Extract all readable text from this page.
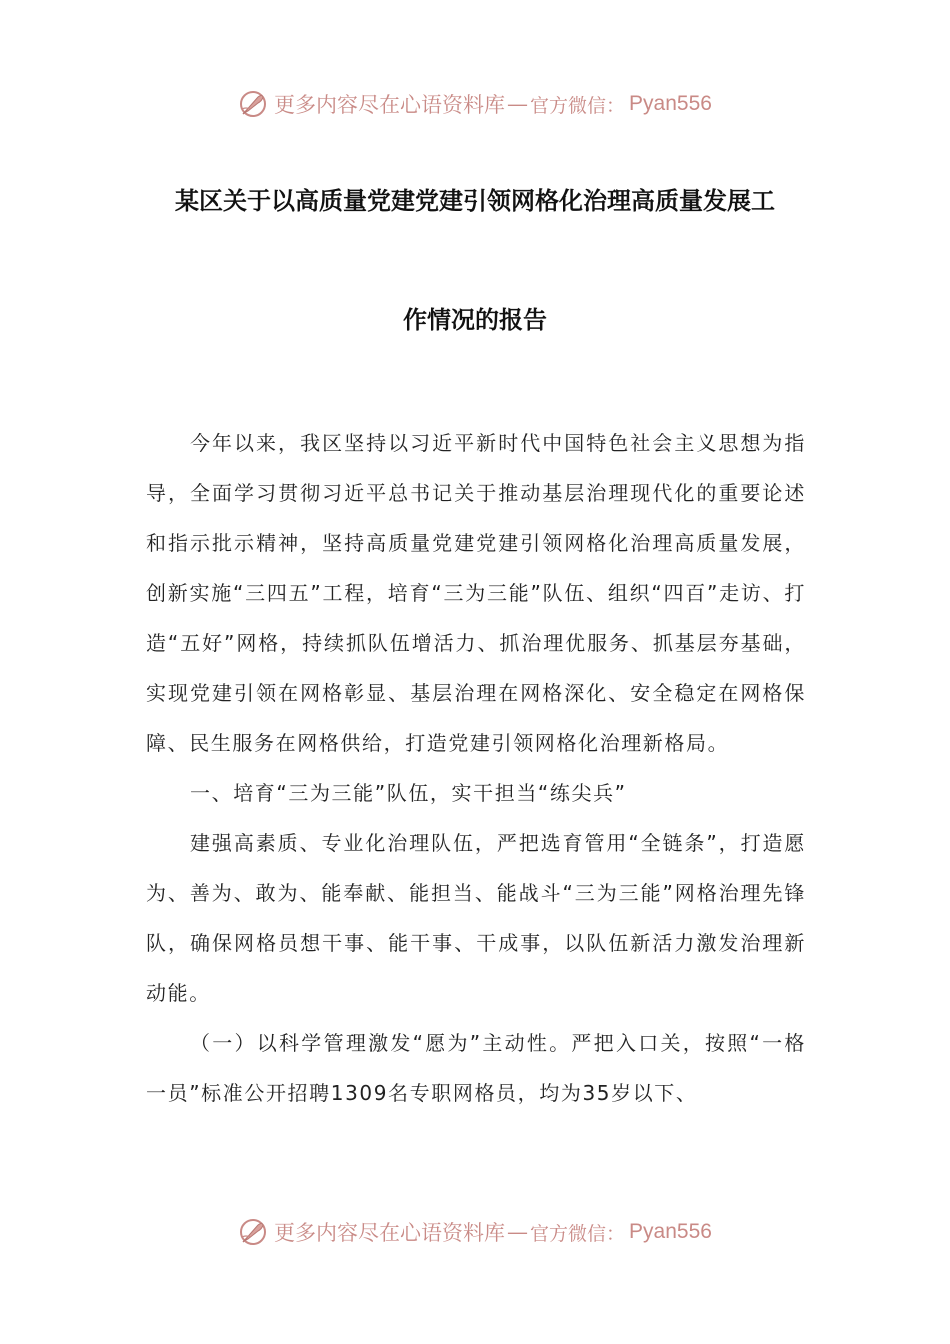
更多内容尽在心语资料库 — 官方微信： Pyan556
某区关于以高质量党建党建引领网格化治理高质量发展工
作情况的报告

今年以来，我区坚持以习近平新时代中国特色社会主义思想为指导，全面学习贯彻习近平总书记关于推动基层治理现代化的重要论述和指示批示精神，坚持高质量党建党建引领网格化治理高质量发展，创新实施“三四五”工程，培育“三为三能”队伍、组织“四百”走访、打造“五好”网格，持续抓队伍增活力、抓治理优服务、抓基层夯基础，实现党建引领在网格彰显、基层治理在网格深化、安全稳定在网格保障、民生服务在网格供给，打造党建引领网格化治理新格局。

一、培育“三为三能”队伍，实干担当“练尖兵”

建强高素质、专业化治理队伍，严把选育管用“全链条”，打造愿为、善为、敢为、能奉献、能担当、能战斗“三为三能”网格治理先锋队，确保网格员想干事、能干事、干成事，以队伍新活力激发治理新动能。

（一）以科学管理激发“愿为”主动性。严把入口关，按照“一格一员”标准公开招聘1309名专职网格员，均为35岁以下、

更多内容尽在心语资料库 — 官方微信： Pyan556
